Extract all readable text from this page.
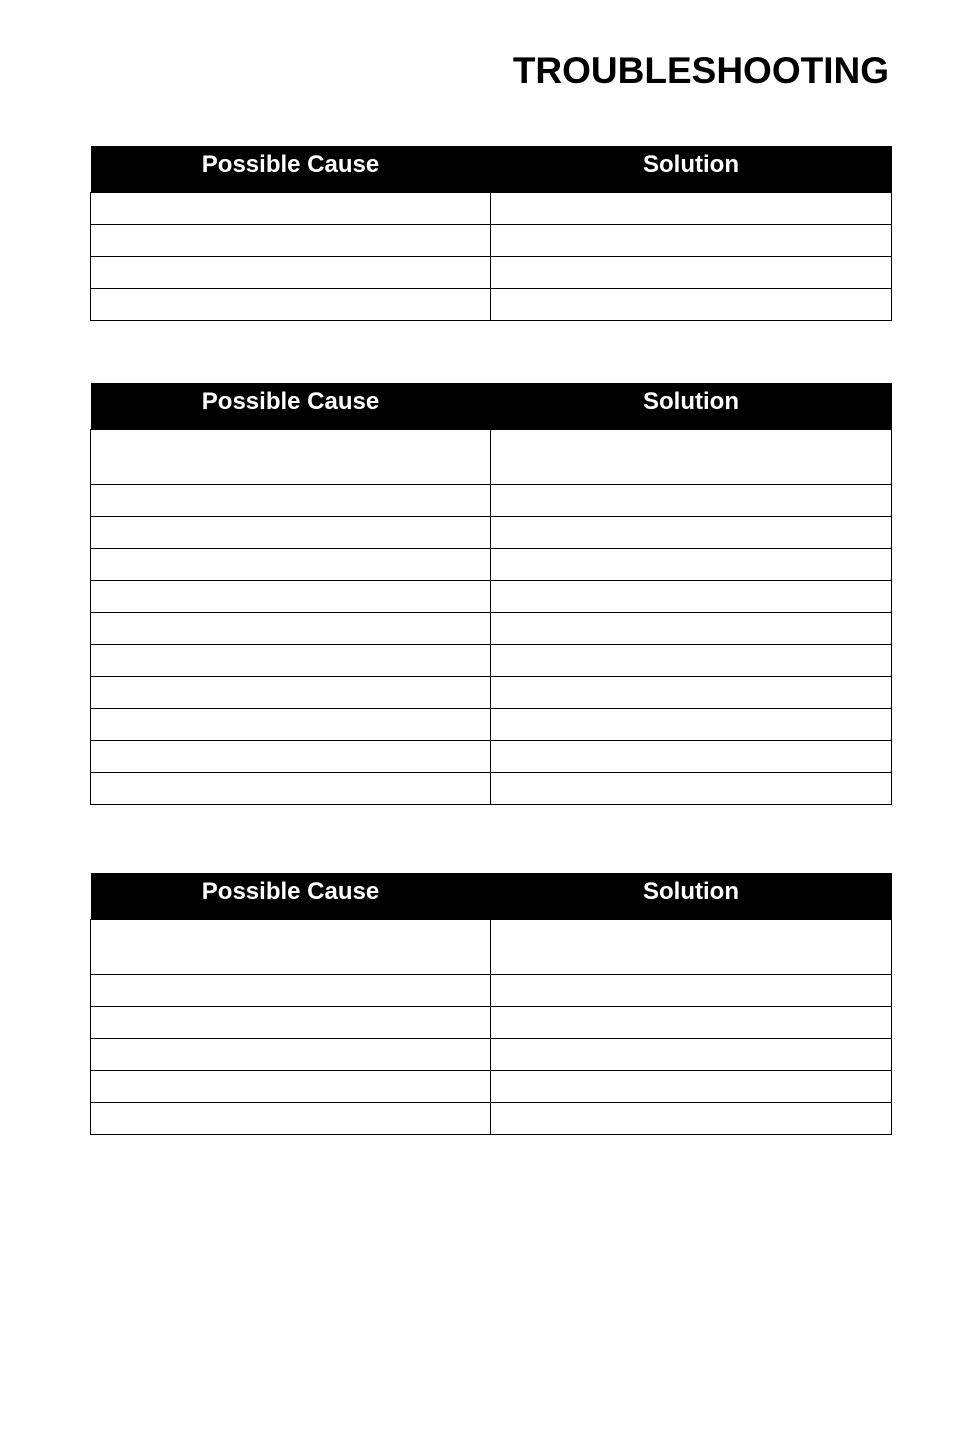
TROUBLESHOOTING
Possible Cause	Solution

Possible Cause	Solution

Possible Cause	Solution
